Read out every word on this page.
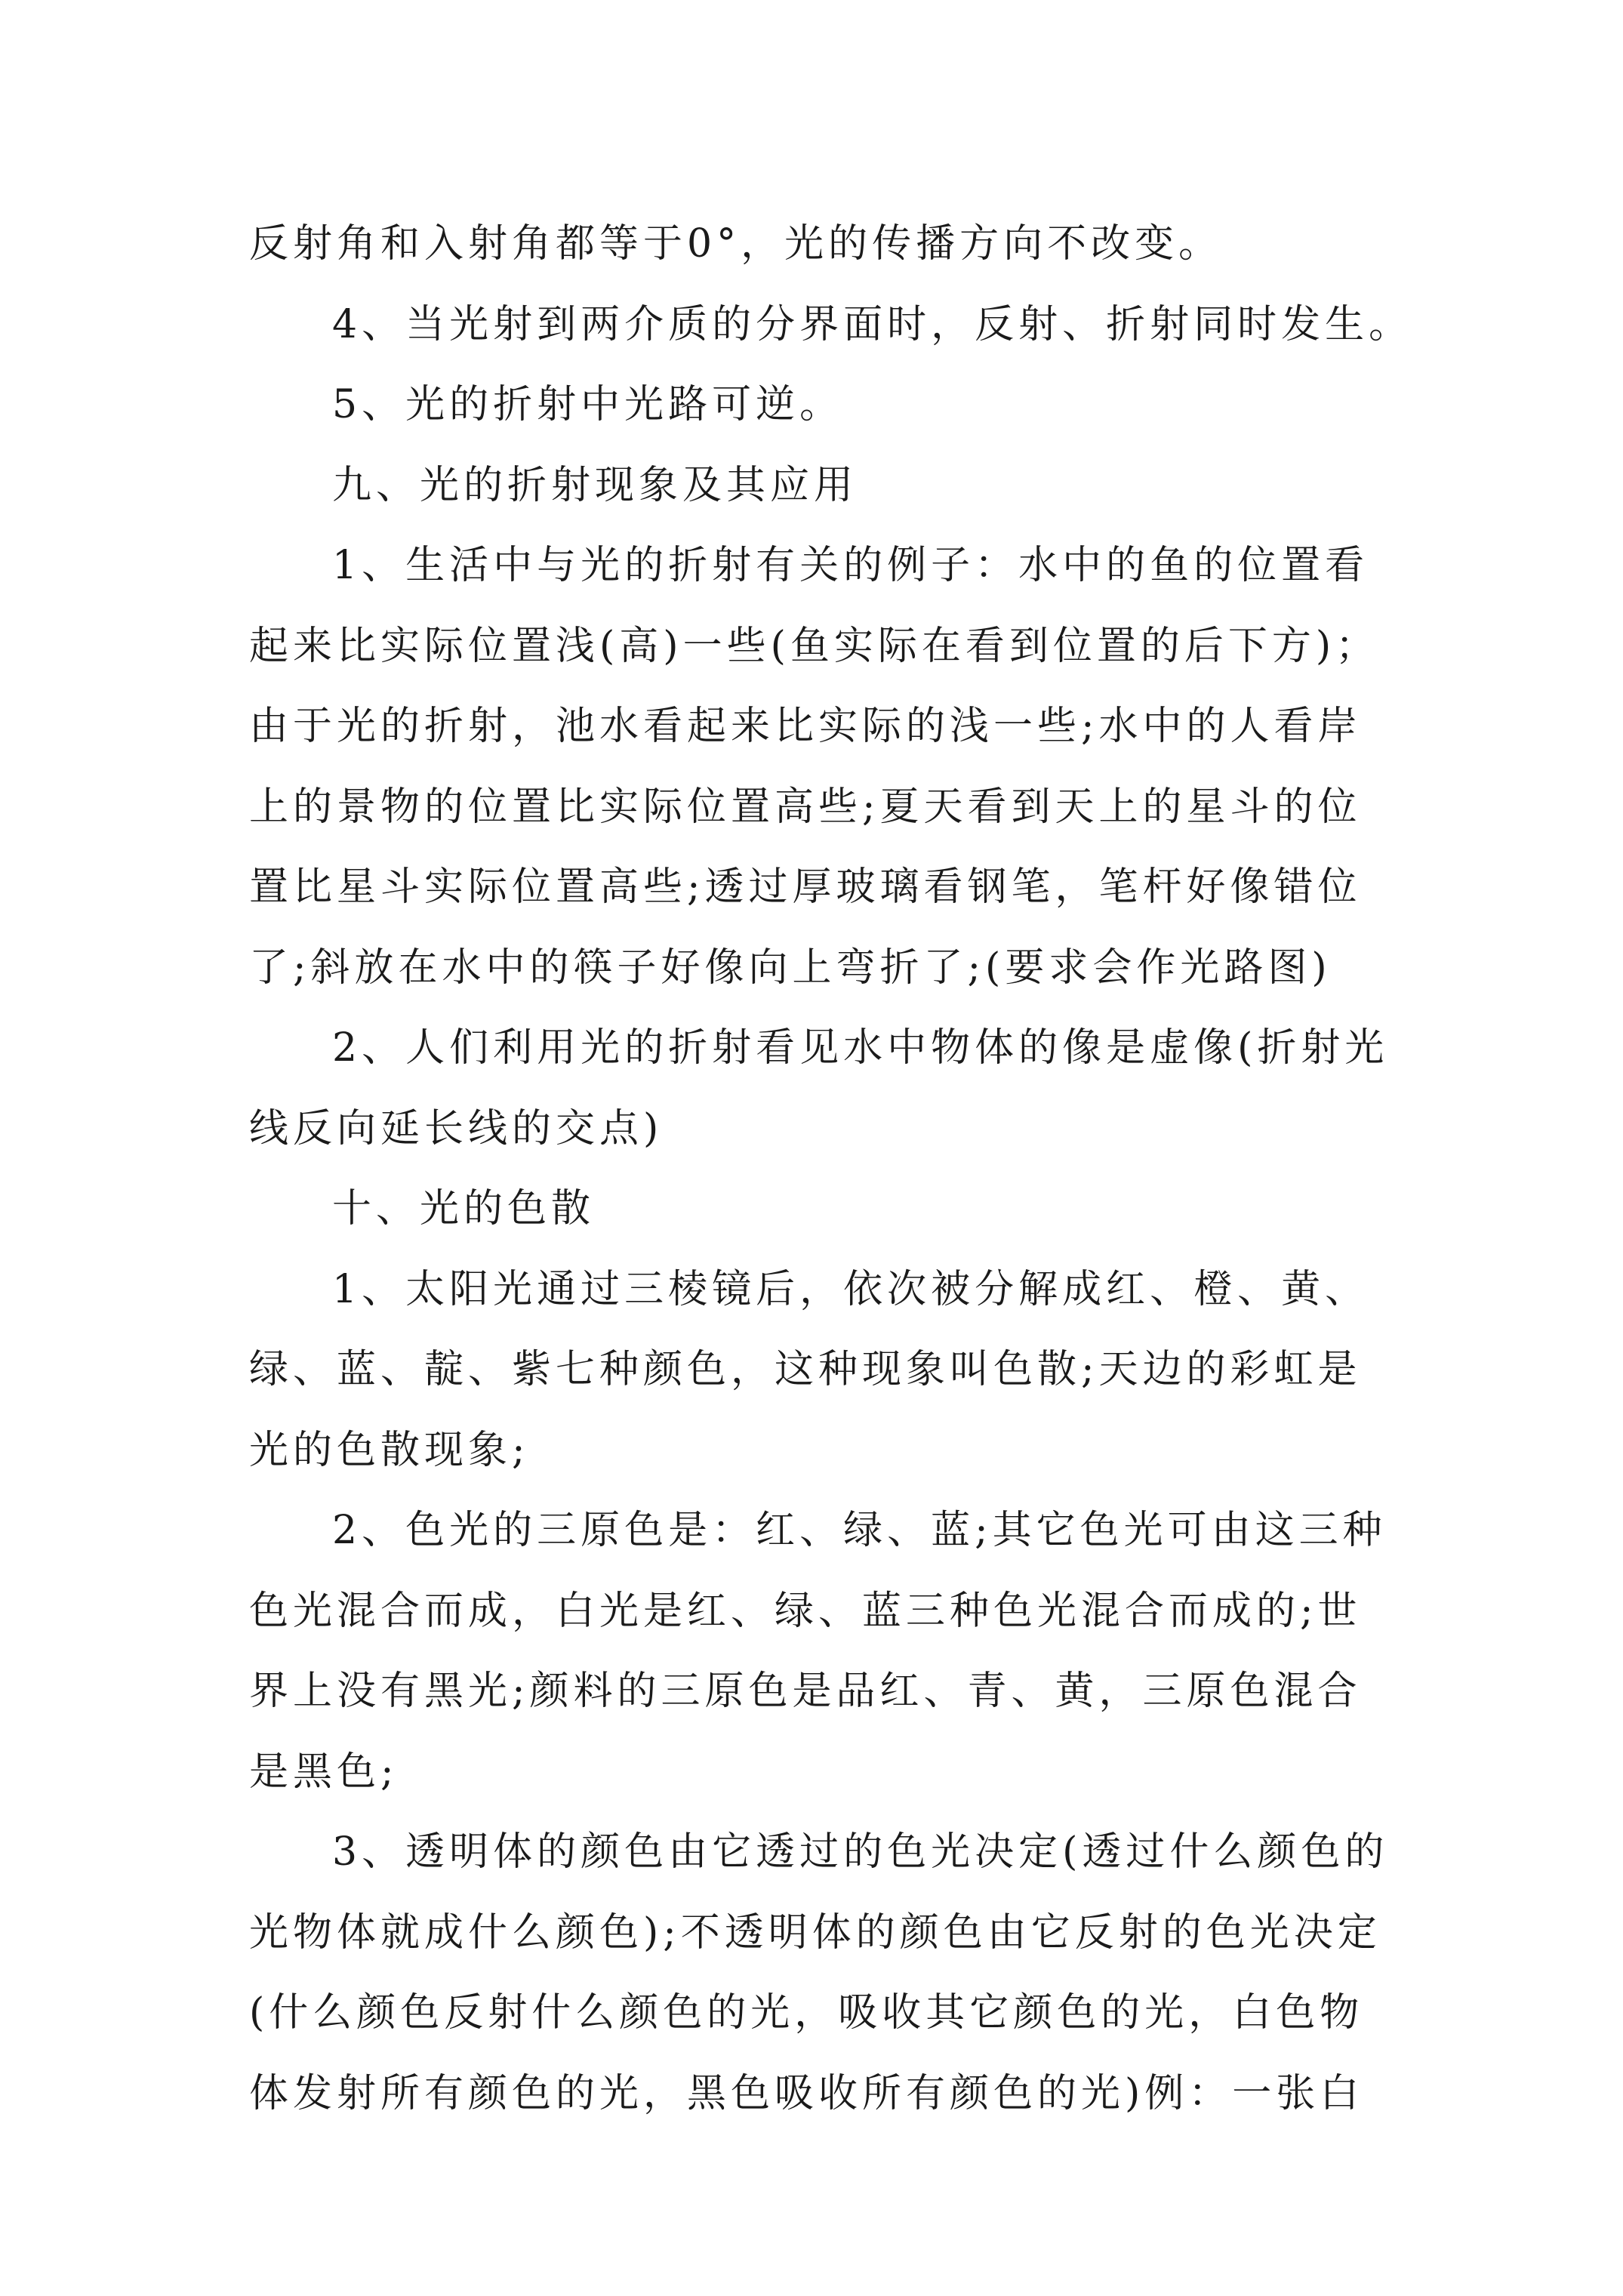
反射角和入射角都等于0°，光的传播方向不改变。
4、当光射到两介质的分界面时，反射、折射同时发生。
5、光的折射中光路可逆。
九、光的折射现象及其应用
1、生活中与光的折射有关的例子：水中的鱼的位置看
起来比实际位置浅(高)一些(鱼实际在看到位置的后下方)；
由于光的折射，池水看起来比实际的浅一些;水中的人看岸
上的景物的位置比实际位置高些;夏天看到天上的星斗的位
置比星斗实际位置高些;透过厚玻璃看钢笔，笔杆好像错位
了;斜放在水中的筷子好像向上弯折了;(要求会作光路图)
2、人们利用光的折射看见水中物体的像是虚像(折射光
线反向延长线的交点)
十、光的色散
1、太阳光通过三棱镜后，依次被分解成红、橙、黄、
绿、蓝、靛、紫七种颜色，这种现象叫色散;天边的彩虹是
光的色散现象;
2、色光的三原色是：红、绿、蓝;其它色光可由这三种
色光混合而成，白光是红、绿、蓝三种色光混合而成的;世
界上没有黑光;颜料的三原色是品红、青、黄，三原色混合
是黑色;
3、透明体的颜色由它透过的色光决定(透过什么颜色的
光物体就成什么颜色);不透明体的颜色由它反射的色光决定
(什么颜色反射什么颜色的光，吸收其它颜色的光，白色物
体发射所有颜色的光，黑色吸收所有颜色的光)例：一张白
